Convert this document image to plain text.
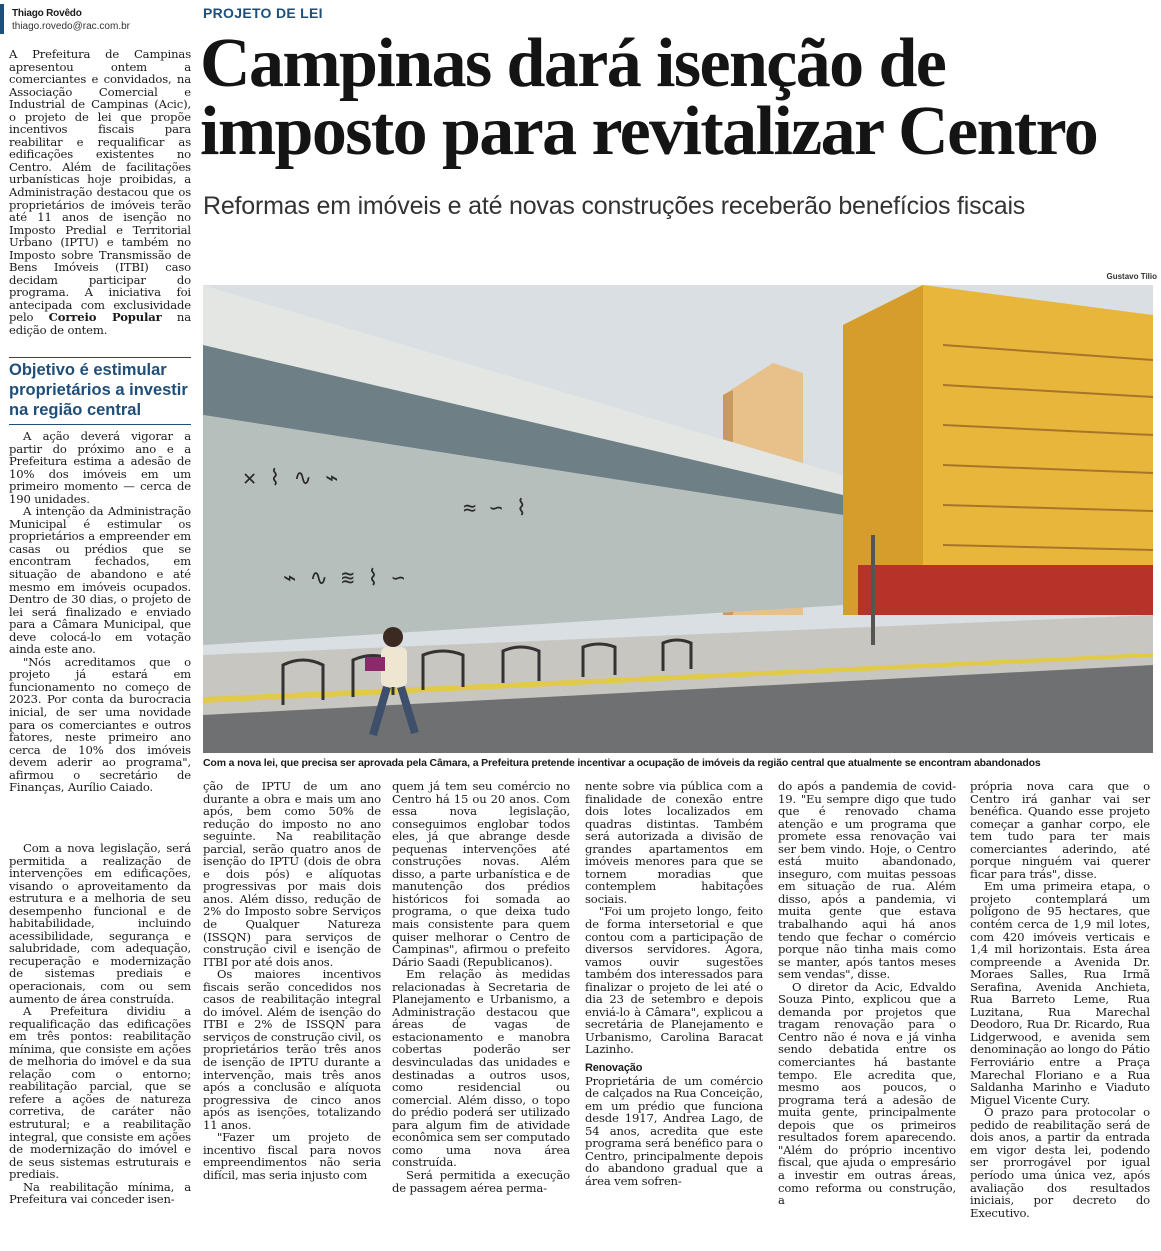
Thiago Rovêdo
thiago.rovedo@rac.com.br
PROJETO DE LEI
Campinas dará isenção de imposto para revitalizar Centro
Reformas em imóveis e até novas construções receberão benefícios fiscais
Gustavo Tilio
✕ ⌇ ∿ ⌁
≈ ∽ ⌇
⌁ ∿ ≋ ⌇ ∽
Com a nova lei, que precisa ser aprovada pela Câmara, a Prefeitura pretende incentivar a ocupação de imóveis da região central que atualmente se encontram abandonados

A Prefeitura de Campinas apresentou ontem a comerciantes e convidados, na Associação Comercial e Industrial de Campinas (Acic), o projeto de lei que propõe incentivos fiscais para reabilitar e requalificar as edificações existentes no Centro. Além de facilitações urbanísticas hoje proibidas, a Administração destacou que os proprietários de imóveis terão até 11 anos de isenção no Imposto Predial e Territorial Urbano (IPTU) e também no Imposto sobre Transmissão de Bens Imóveis (ITBI) caso decidam participar do programa. A iniciativa foi antecipada com exclusividade pelo Correio Popular na edição de ontem.

Objetivo é estimular proprietários a investir na região central

A ação deverá vigorar a partir do próximo ano e a Prefeitura estima a adesão de 10% dos imóveis em um primeiro momento — cerca de 190 unidades.

A intenção da Administração Municipal é estimular os proprietários a empreender em casas ou prédios que se encontram fechados, em situação de abandono e até mesmo em imóveis ocupados. Dentro de 30 dias, o projeto de lei será finalizado e enviado para a Câmara Municipal, que deve colocá-lo em votação ainda este ano.

"Nós acreditamos que o projeto já estará em funcionamento no começo de 2023. Por conta da burocracia inicial, de ser uma novidade para os comerciantes e outros fatores, neste primeiro ano cerca de 10% dos imóveis devem aderir ao programa", afirmou o secretário de Finanças, Aurílio Caiado.

Com a nova legislação, será permitida a realização de intervenções em edificações, visando o aproveitamento da estrutura e a melhoria de seu desempenho funcional e de habitabilidade, incluindo acessibilidade, segurança e salubridade, com adequação, recuperação e modernização de sistemas prediais e operacionais, com ou sem aumento de área construída.

A Prefeitura dividiu a requalificação das edificações em três pontos: reabilitação mínima, que consiste em ações de melhoria do imóvel e da sua relação com o entorno; reabilitação parcial, que se refere a ações de natureza corretiva, de caráter não estrutural; e a reabilitação integral, que consiste em ações de modernização do imóvel e de seus sistemas estruturais e prediais.

Na reabilitação mínima, a Prefeitura vai conceder isen-

ção de IPTU de um ano durante a obra e mais um ano após, bem como 50% de redução do imposto no ano seguinte. Na reabilitação parcial, serão quatro anos de isenção do IPTU (dois de obra e dois pós) e alíquotas progressivas por mais dois anos. Além disso, redução de 2% do Imposto sobre Serviços de Qualquer Natureza (ISSQN) para serviços de construção civil e isenção de ITBI por até dois anos.

Os maiores incentivos fiscais serão concedidos nos casos de reabilitação integral do imóvel. Além de isenção do ITBI e 2% de ISSQN para serviços de construção civil, os proprietários terão três anos de isenção de IPTU durante a intervenção, mais três anos após a conclusão e alíquota progressiva de cinco anos após as isenções, totalizando 11 anos.

"Fazer um projeto de incentivo fiscal para novos empreendimentos não seria difícil, mas seria injusto com

quem já tem seu comércio no Centro há 15 ou 20 anos. Com essa nova legislação, conseguimos englobar todos eles, já que abrange desde pequenas intervenções até construções novas. Além disso, a parte urbanística e de manutenção dos prédios históricos foi somada ao programa, o que deixa tudo mais consistente para quem quiser melhorar o Centro de Campinas", afirmou o prefeito Dário Saadi (Republicanos).

Em relação às medidas relacionadas à Secretaria de Planejamento e Urbanismo, a Administração destacou que áreas de vagas de estacionamento e manobra cobertas poderão ser desvinculadas das unidades e destinadas a outros usos, como residencial ou comercial. Além disso, o topo do prédio poderá ser utilizado para algum fim de atividade econômica sem ser computado como uma nova área construída.

Será permitida a execução de passagem aérea perma-

nente sobre via pública com a finalidade de conexão entre dois lotes localizados em quadras distintas. Também será autorizada a divisão de grandes apartamentos em imóveis menores para que se tornem moradias que contemplem habitações sociais.

"Foi um projeto longo, feito de forma intersetorial e que contou com a participação de diversos servidores. Agora, vamos ouvir sugestões também dos interessados para finalizar o projeto de lei até o dia 23 de setembro e depois enviá-lo à Câmara", explicou a secretária de Planejamento e Urbanismo, Carolina Baracat Lazinho.

Renovação

Proprietária de um comércio de calçados na Rua Conceição, em um prédio que funciona desde 1917, Andrea Lago, de 54 anos, acredita que este programa será benéfico para o Centro, principalmente depois do abandono gradual que a área vem sofren-

do após a pandemia de covid-19. "Eu sempre digo que tudo que é renovado chama atenção e um programa que promete essa renovação vai ser bem vindo. Hoje, o Centro está muito abandonado, inseguro, com muitas pessoas em situação de rua. Além disso, após a pandemia, vi muita gente que estava trabalhando aqui há anos tendo que fechar o comércio porque não tinha mais como se manter, após tantos meses sem vendas", disse.

O diretor da Acic, Edvaldo Souza Pinto, explicou que a demanda por projetos que tragam renovação para o Centro não é nova e já vinha sendo debatida entre os comerciantes há bastante tempo. Ele acredita que, mesmo aos poucos, o programa terá a adesão de muita gente, principalmente depois que os primeiros resultados forem aparecendo. "Além do próprio incentivo fiscal, que ajuda o empresário a investir em outras áreas, como reforma ou construção, a

própria nova cara que o Centro irá ganhar vai ser benéfica. Quando esse projeto começar a ganhar corpo, ele tem tudo para ter mais comerciantes aderindo, até porque ninguém vai querer ficar para trás", disse.

Em uma primeira etapa, o projeto contemplará um polígono de 95 hectares, que contém cerca de 1,9 mil lotes, com 420 imóveis verticais e 1,4 mil horizontais. Esta área compreende a Avenida Dr. Moraes Salles, Rua Irmã Serafina, Avenida Anchieta, Rua Barreto Leme, Rua Luzitana, Rua Marechal Deodoro, Rua Dr. Ricardo, Rua Lidgerwood, e avenida sem denominação ao longo do Pátio Ferroviário entre a Praça Marechal Floriano e a Rua Saldanha Marinho e Viaduto Miguel Vicente Cury.

O prazo para protocolar o pedido de reabilitação será de dois anos, a partir da entrada em vigor desta lei, podendo ser prorrogável por igual período uma única vez, após avaliação dos resultados iniciais, por decreto do Executivo.
